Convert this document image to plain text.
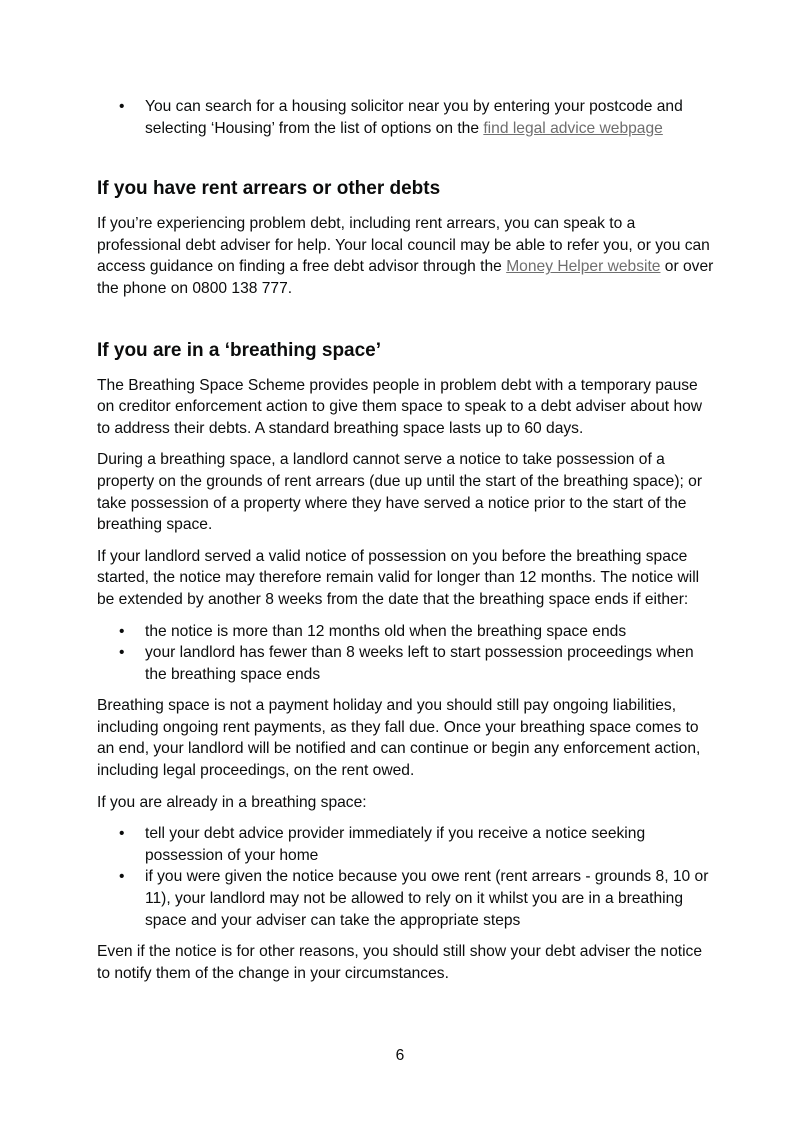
• You can search for a housing solicitor near you by entering your postcode and selecting ‘Housing’ from the list of options on the find legal advice webpage
If you have rent arrears or other debts

If you’re experiencing problem debt, including rent arrears, you can speak to a professional debt adviser for help. Your local council may be able to refer you, or you can access guidance on finding a free debt advisor through the Money Helper website or over the phone on 0800 138 777.

If you are in a ‘breathing space’

The Breathing Space Scheme provides people in problem debt with a temporary pause on creditor enforcement action to give them space to speak to a debt adviser about how to address their debts. A standard breathing space lasts up to 60 days.

During a breathing space, a landlord cannot serve a notice to take possession of a property on the grounds of rent arrears (due up until the start of the breathing space); or take possession of a property where they have served a notice prior to the start of the breathing space.

If your landlord served a valid notice of possession on you before the breathing space started, the notice may therefore remain valid for longer than 12 months. The notice will be extended by another 8 weeks from the date that the breathing space ends if either:

• the notice is more than 12 months old when the breathing space ends
• your landlord has fewer than 8 weeks left to start possession proceedings when the breathing space ends

Breathing space is not a payment holiday and you should still pay ongoing liabilities, including ongoing rent payments, as they fall due. Once your breathing space comes to an end, your landlord will be notified and can continue or begin any enforcement action, including legal proceedings, on the rent owed.

If you are already in a breathing space:

• tell your debt advice provider immediately if you receive a notice seeking possession of your home
• if you were given the notice because you owe rent (rent arrears - grounds 8, 10 or 11), your landlord may not be allowed to rely on it whilst you are in a breathing space and your adviser can take the appropriate steps

Even if the notice is for other reasons, you should still show your debt adviser the notice to notify them of the change in your circumstances.

6
